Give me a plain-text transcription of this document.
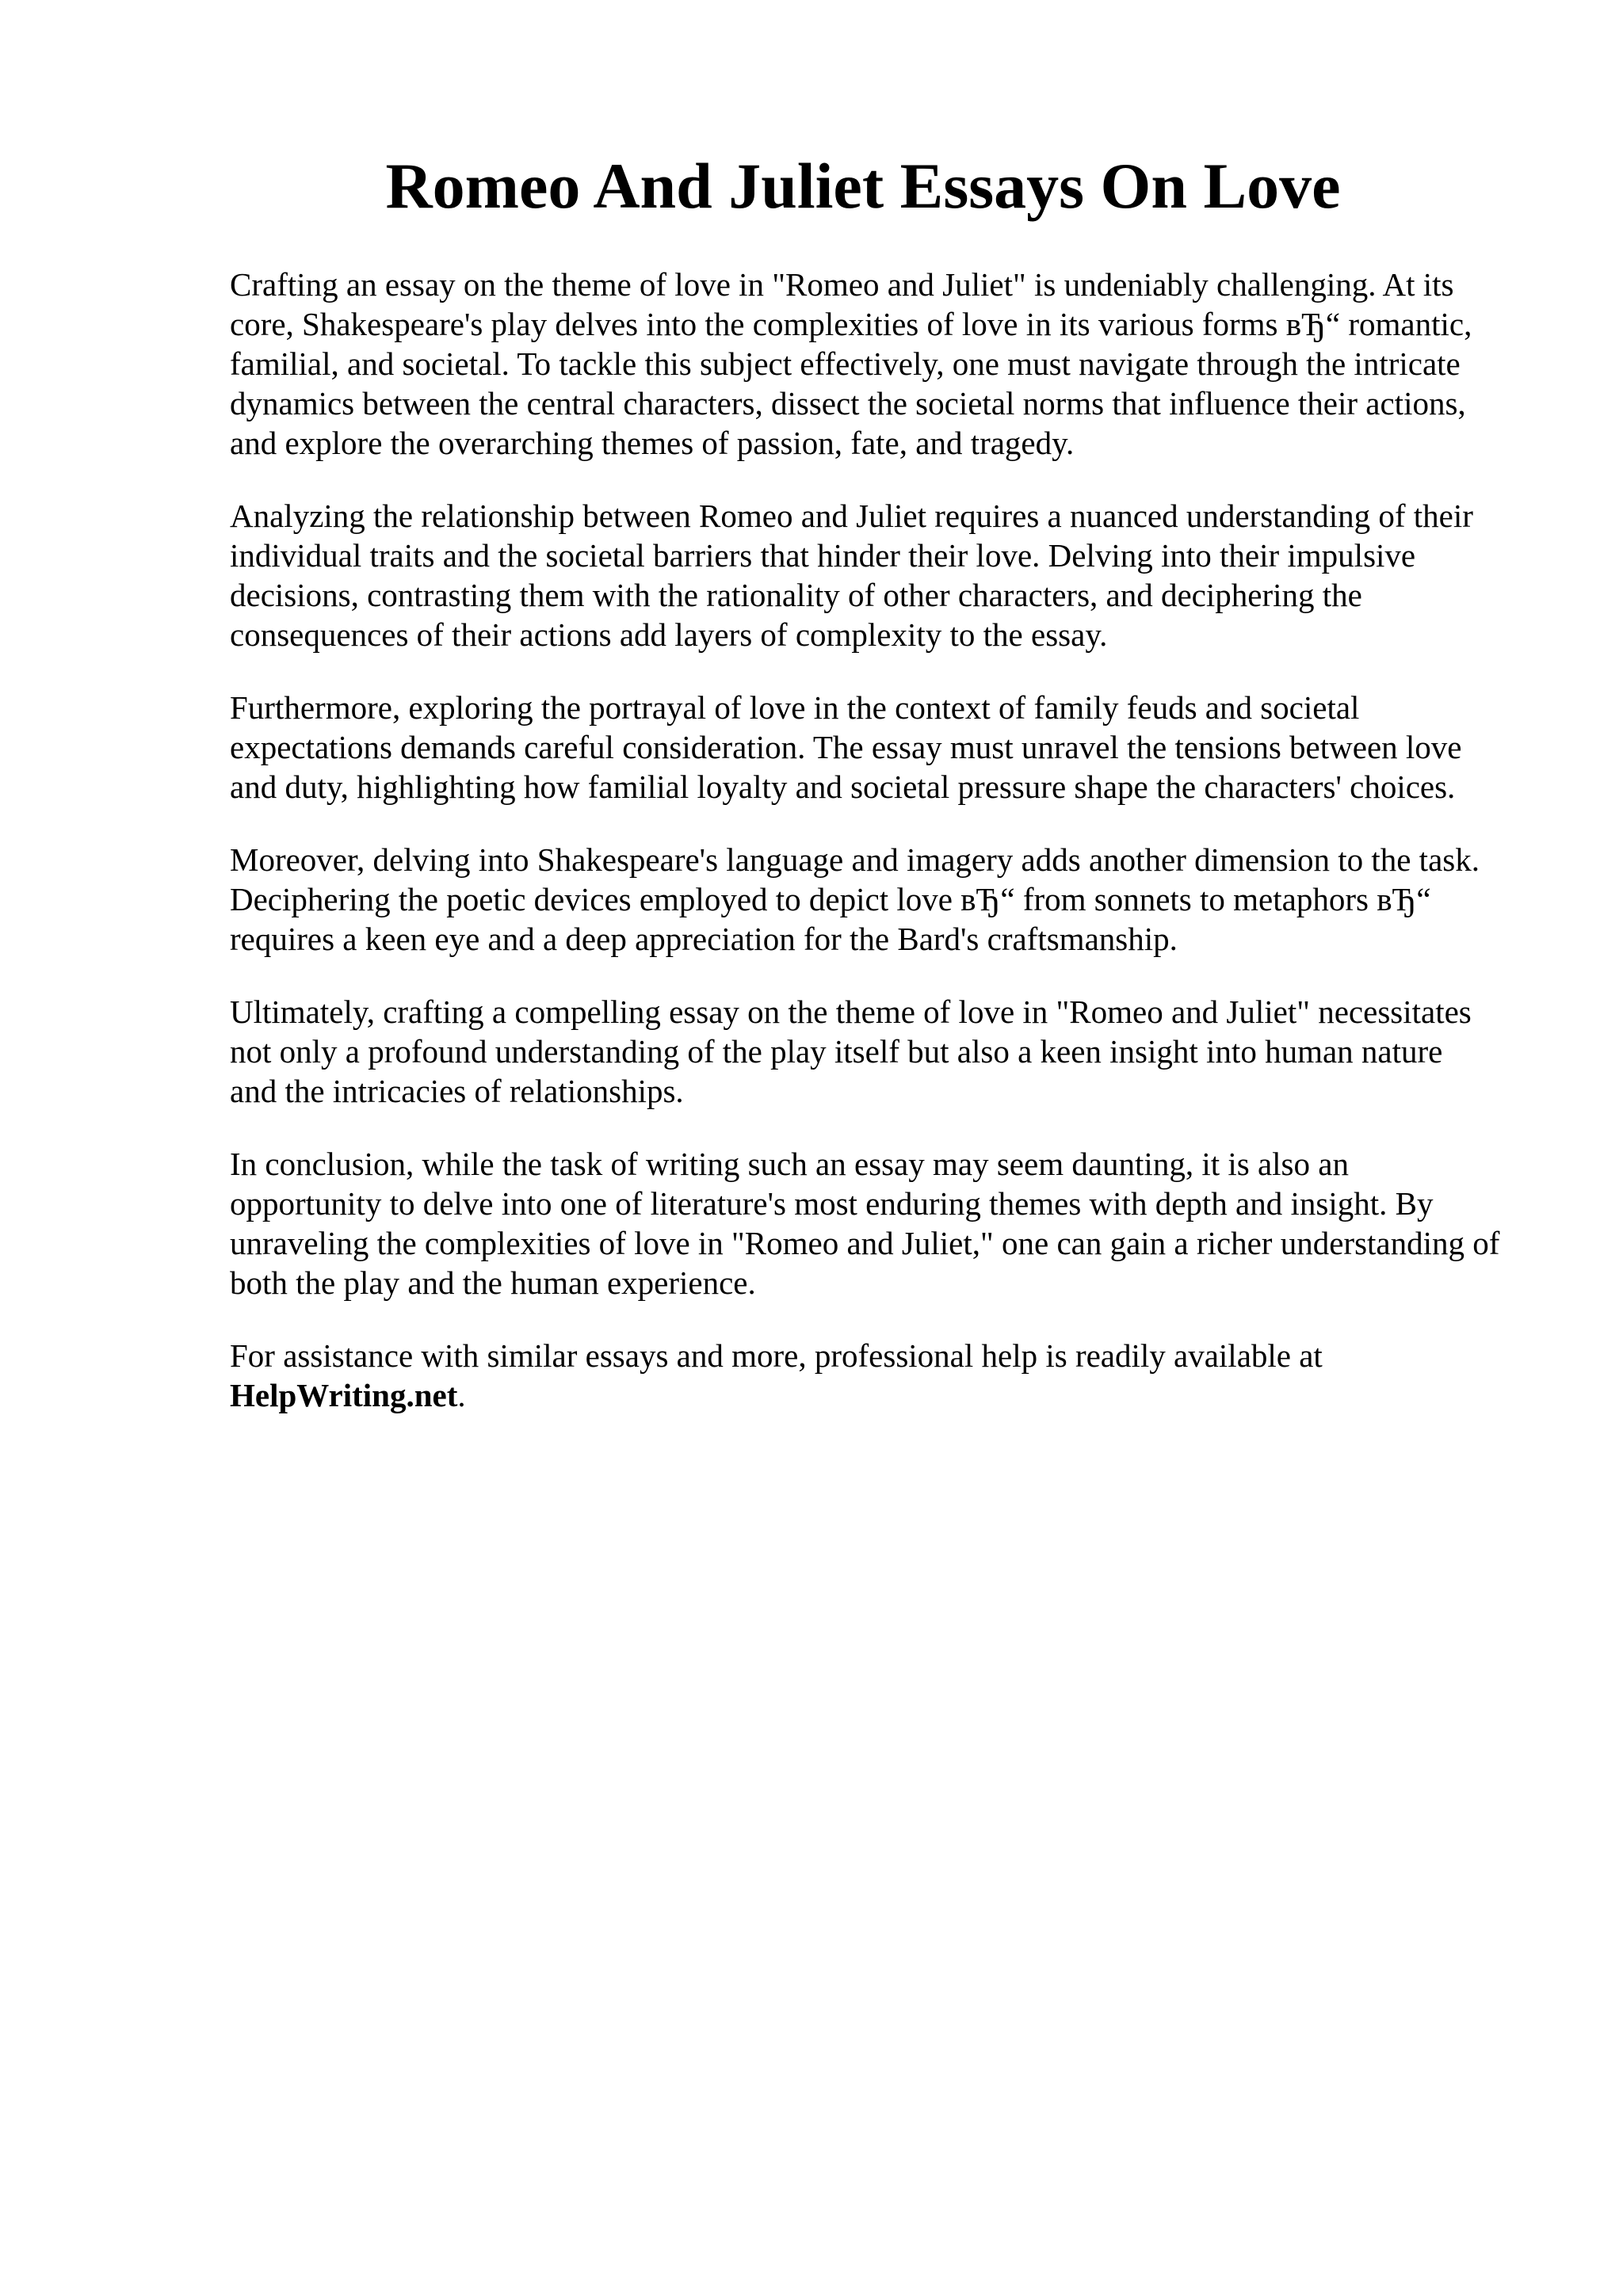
Romeo And Juliet Essays On Love

Crafting an essay on the theme of love in "Romeo and Juliet" is undeniably challenging. At its
core, Shakespeare's play delves into the complexities of love in its various forms вЂ“ romantic,
familial, and societal. To tackle this subject effectively, one must navigate through the intricate
dynamics between the central characters, dissect the societal norms that influence their actions,
and explore the overarching themes of passion, fate, and tragedy.

Analyzing the relationship between Romeo and Juliet requires a nuanced understanding of their
individual traits and the societal barriers that hinder their love. Delving into their impulsive
decisions, contrasting them with the rationality of other characters, and deciphering the
consequences of their actions add layers of complexity to the essay.

Furthermore, exploring the portrayal of love in the context of family feuds and societal
expectations demands careful consideration. The essay must unravel the tensions between love
and duty, highlighting how familial loyalty and societal pressure shape the characters' choices.

Moreover, delving into Shakespeare's language and imagery adds another dimension to the task.
Deciphering the poetic devices employed to depict love вЂ“ from sonnets to metaphors вЂ“
requires a keen eye and a deep appreciation for the Bard's craftsmanship.

Ultimately, crafting a compelling essay on the theme of love in "Romeo and Juliet" necessitates
not only a profound understanding of the play itself but also a keen insight into human nature
and the intricacies of relationships.

In conclusion, while the task of writing such an essay may seem daunting, it is also an
opportunity to delve into one of literature's most enduring themes with depth and insight. By
unraveling the complexities of love in "Romeo and Juliet," one can gain a richer understanding of
both the play and the human experience.

For assistance with similar essays and more, professional help is readily available at
HelpWriting.net.
